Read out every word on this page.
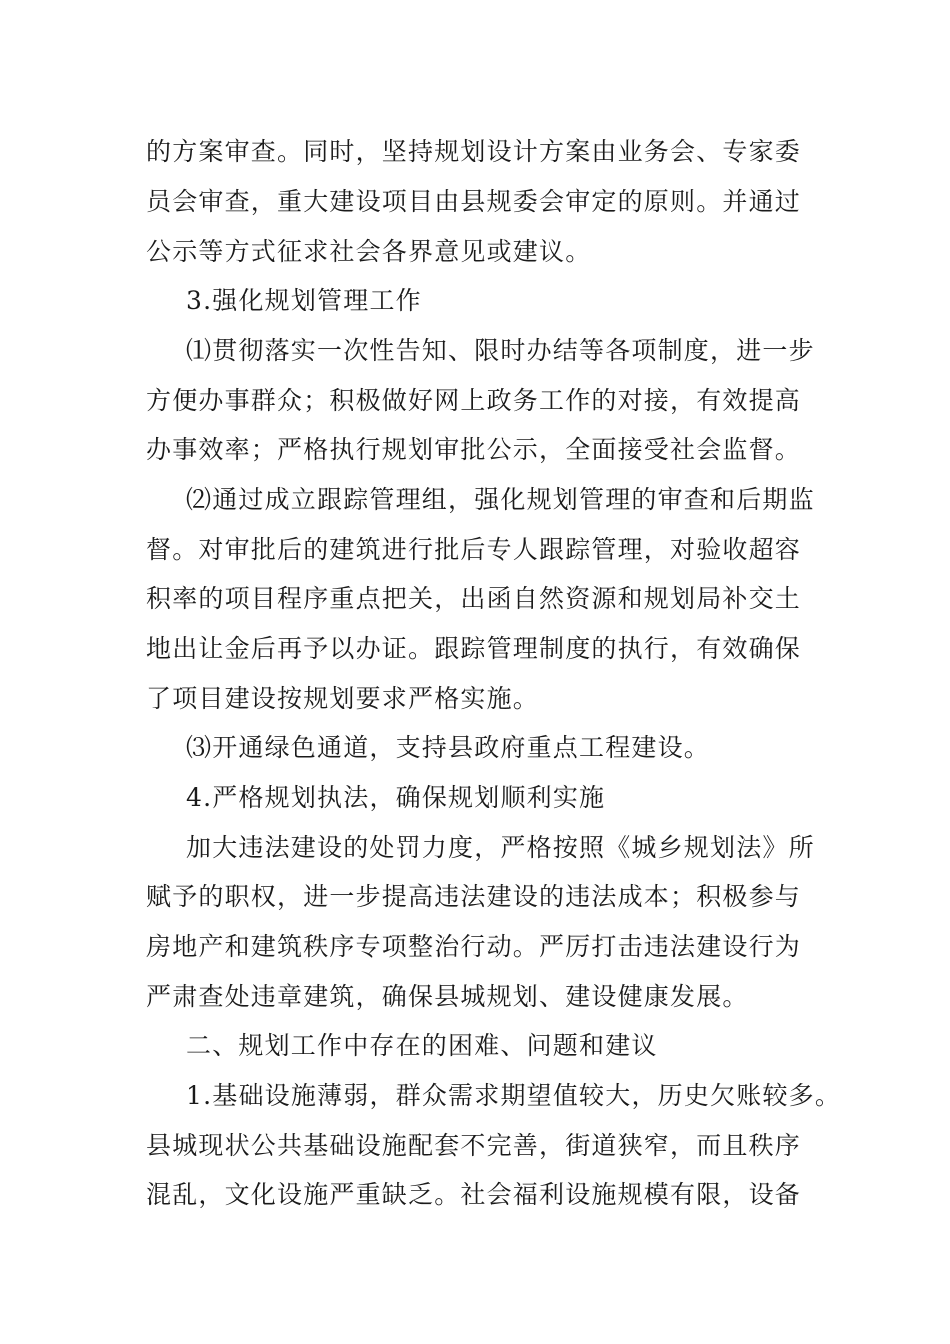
的方案审查。同时，坚持规划设计方案由业务会、专家委
员会审查，重大建设项目由县规委会审定的原则。并通过
公示等方式征求社会各界意见或建议。
3.强化规划管理工作
⑴贯彻落实一次性告知、限时办结等各项制度，进一步
方便办事群众；积极做好网上政务工作的对接，有效提高
办事效率；严格执行规划审批公示，全面接受社会监督。
⑵通过成立跟踪管理组，强化规划管理的审查和后期监
督。对审批后的建筑进行批后专人跟踪管理，对验收超容
积率的项目程序重点把关，出函自然资源和规划局补交土
地出让金后再予以办证。跟踪管理制度的执行，有效确保
了项目建设按规划要求严格实施。
⑶开通绿色通道，支持县政府重点工程建设。
4.严格规划执法，确保规划顺利实施
加大违法建设的处罚力度，严格按照《城乡规划法》所
赋予的职权，进一步提高违法建设的违法成本；积极参与
房地产和建筑秩序专项整治行动。严厉打击违法建设行为
严肃查处违章建筑，确保县城规划、建设健康发展。
二、规划工作中存在的困难、问题和建议
1.基础设施薄弱，群众需求期望值较大，历史欠账较多。
县城现状公共基础设施配套不完善，街道狭窄，而且秩序
混乱，文化设施严重缺乏。社会福利设施规模有限，设备
